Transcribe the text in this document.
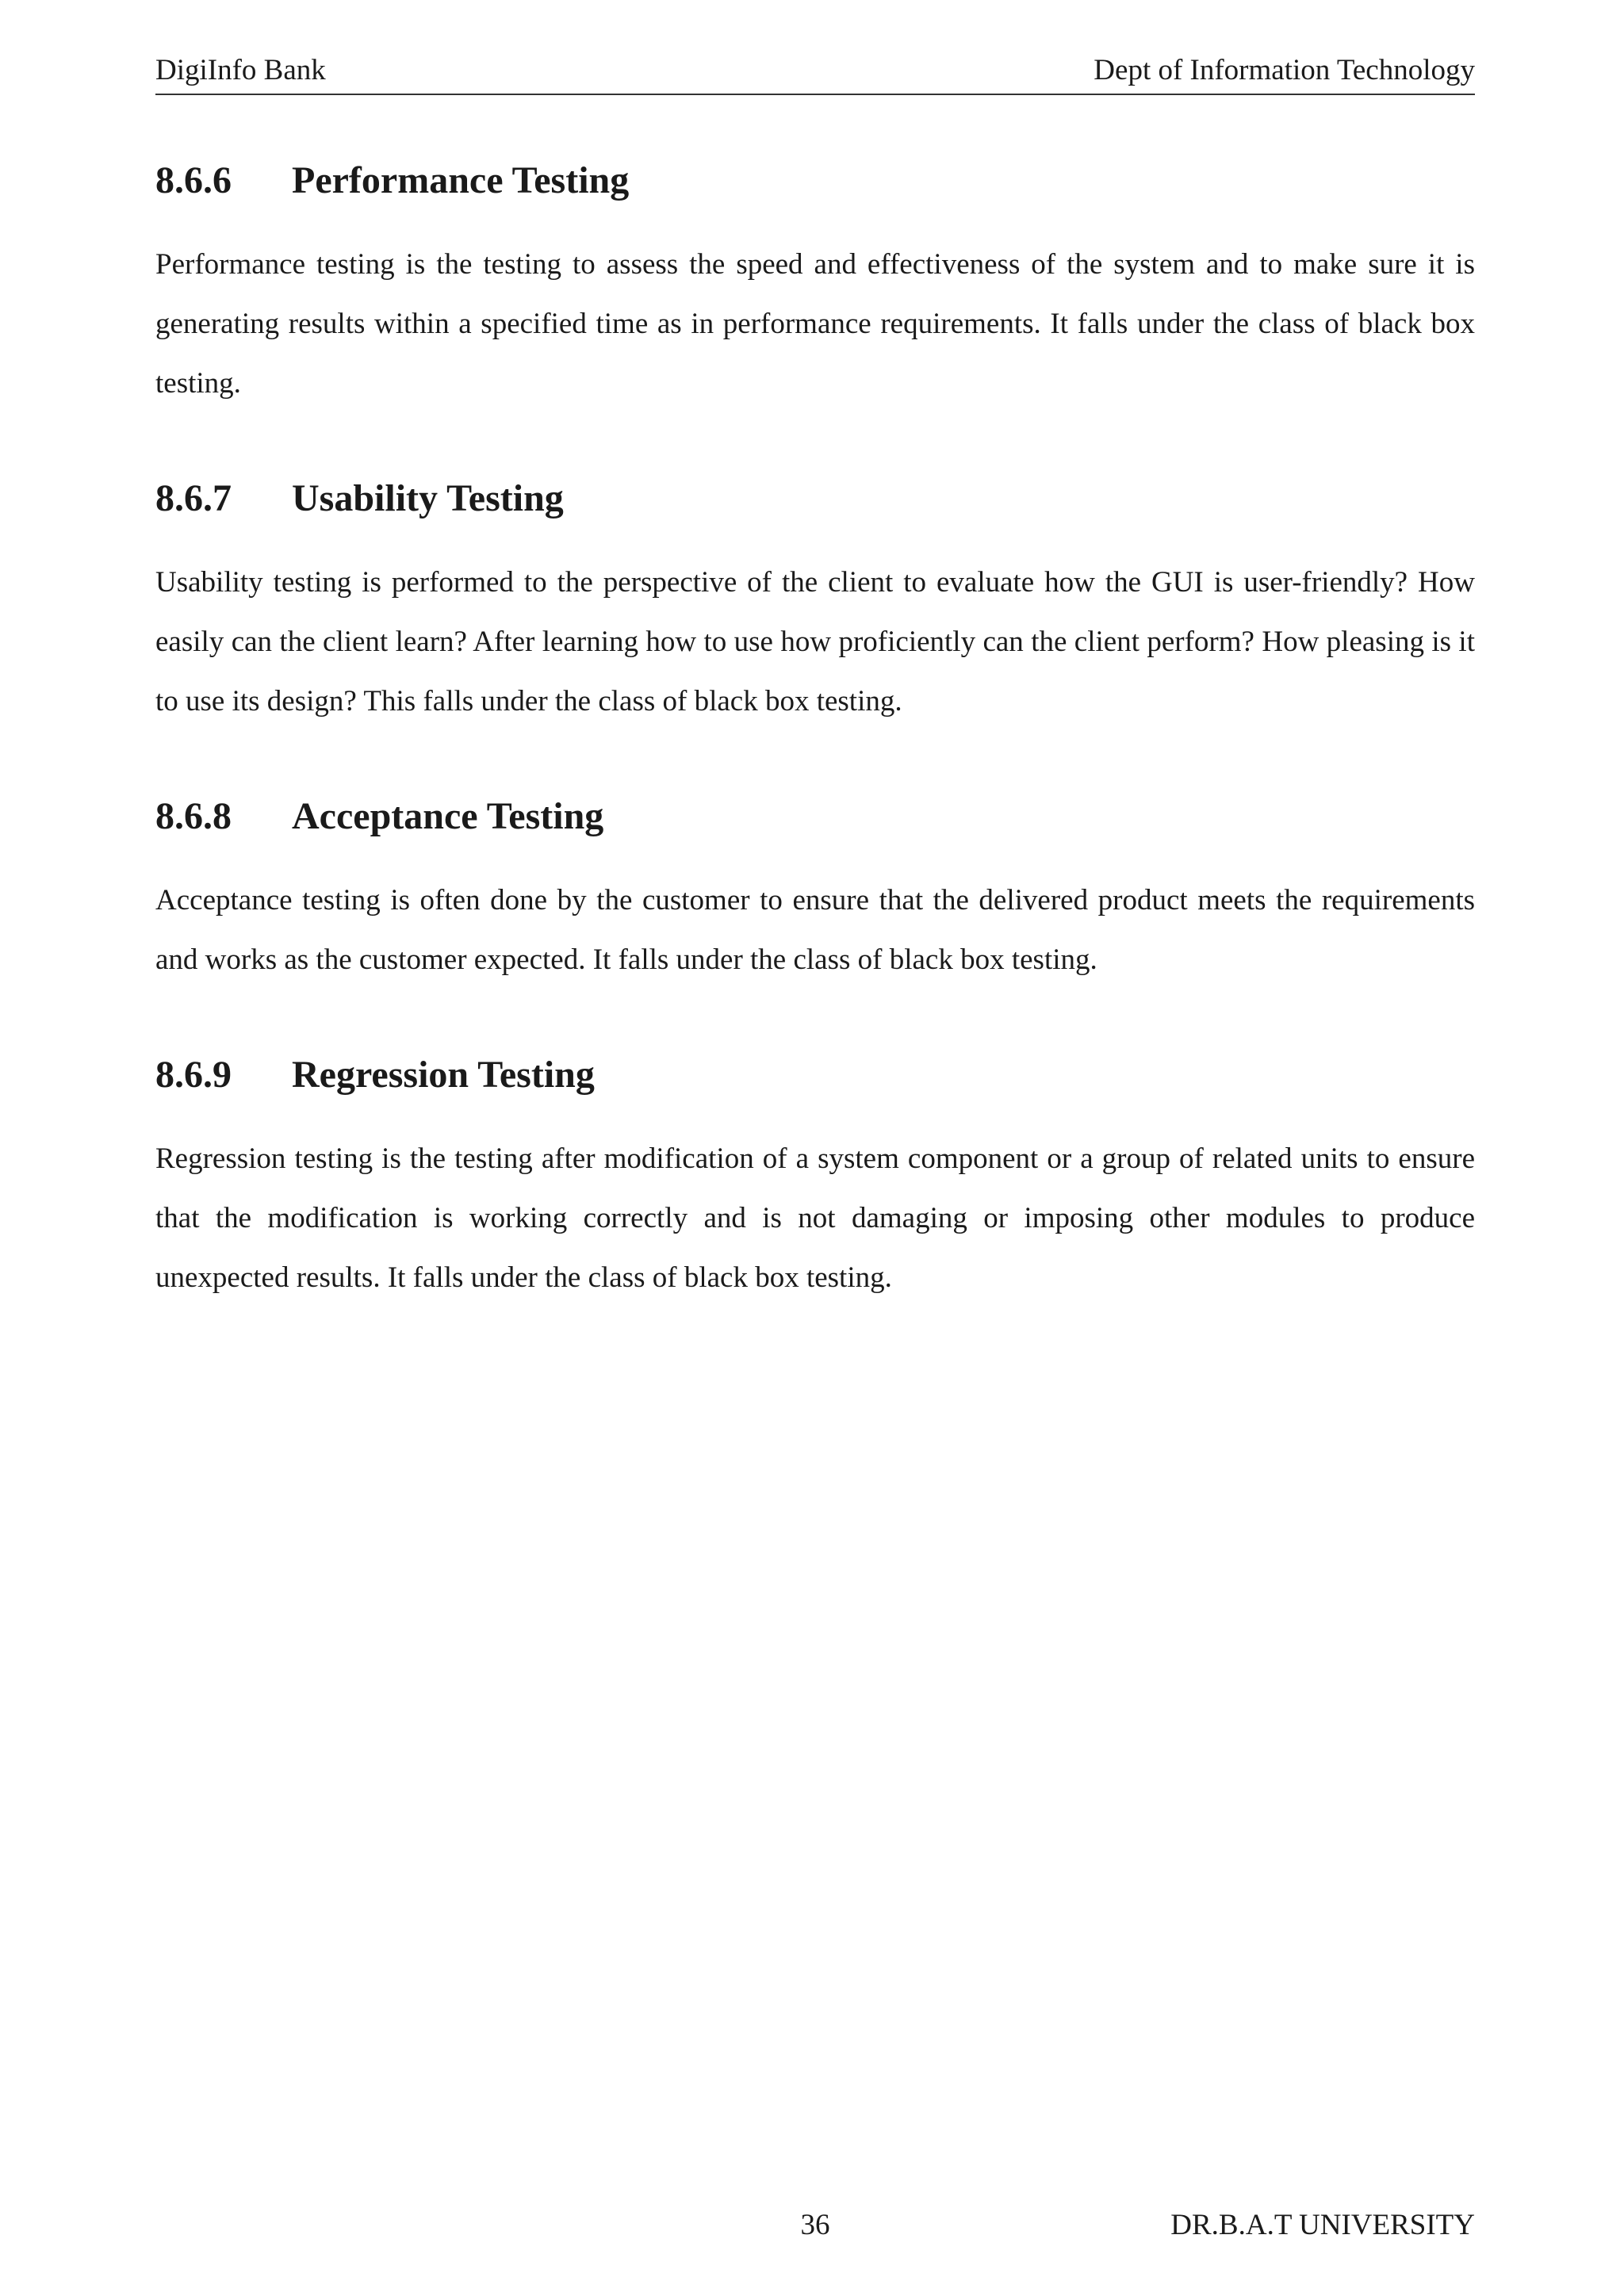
DigiInfo Bank	Dept of Information Technology
8.6.6	Performance Testing

Performance testing is the testing to assess the speed and effectiveness of the system and to make sure it is generating results within a specified time as in performance requirements. It falls under the class of black box testing.

8.6.7	Usability Testing

Usability testing is performed to the perspective of the client to evaluate how the GUI is user-friendly? How easily can the client learn? After learning how to use how proficiently can the client perform? How pleasing is it to use its design? This falls under the class of black box testing.

8.6.8	Acceptance Testing

Acceptance testing is often done by the customer to ensure that the delivered product meets the requirements and works as the customer expected. It falls under the class of black box testing.

8.6.9	Regression Testing

Regression testing is the testing after modification of a system component or a group of related units to ensure that the modification is working correctly and is not damaging or imposing other modules to produce unexpected results. It falls under the class of black box testing.

36	DR.B.A.T UNIVERSITY
